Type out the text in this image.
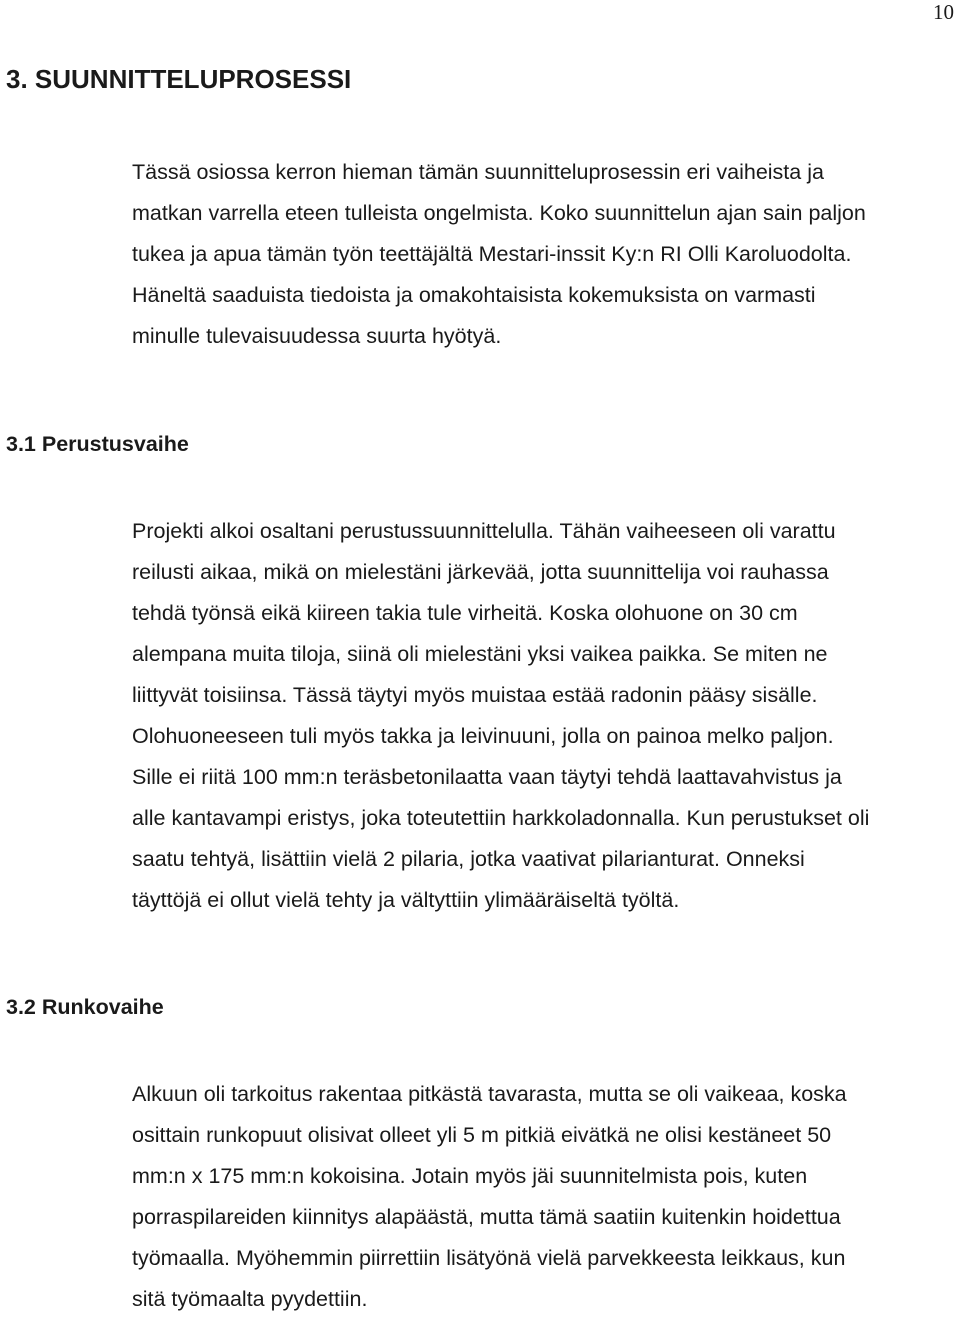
10
3. SUUNNITTELUPROSESSI
Tässä osiossa kerron hieman tämän suunnitteluprosessin eri vaiheista ja
matkan varrella eteen tulleista ongelmista. Koko suunnittelun ajan sain paljon
tukea ja apua tämän työn teettäjältä Mestari-inssit Ky:n RI Olli Karoluodolta.
Häneltä saaduista tiedoista ja omakohtaisista kokemuksista on varmasti
minulle tulevaisuudessa suurta hyötyä.
3.1 Perustusvaihe
Projekti alkoi osaltani perustussuunnittelulla. Tähän vaiheeseen oli varattu
reilusti aikaa, mikä on mielestäni järkevää, jotta suunnittelija voi rauhassa
tehdä työnsä eikä kiireen takia tule virheitä. Koska olohuone on 30 cm
alempana muita tiloja, siinä oli mielestäni yksi vaikea paikka. Se miten ne
liittyvät toisiinsa. Tässä täytyi myös muistaa estää radonin pääsy sisälle.
Olohuoneeseen tuli myös takka ja leivinuuni, jolla on painoa melko paljon.
Sille ei riitä 100 mm:n teräsbetonilaatta vaan täytyi tehdä laattavahvistus ja
alle kantavampi eristys, joka toteutettiin harkkoladonnalla. Kun perustukset oli
saatu tehtyä, lisättiin vielä 2 pilaria, jotka vaativat pilarianturat. Onneksi
täyttöjä ei ollut vielä tehty ja vältyttiin ylimääräiseltä työltä.
3.2 Runkovaihe
Alkuun oli tarkoitus rakentaa pitkästä tavarasta, mutta se oli vaikeaa, koska
osittain runkopuut olisivat olleet yli 5 m pitkiä eivätkä ne olisi kestäneet 50
mm:n x 175 mm:n kokoisina. Jotain myös jäi suunnitelmista pois, kuten
porraspilareiden kiinnitys alapäästä, mutta tämä saatiin kuitenkin hoidettua
työmaalla. Myöhemmin piirrettiin lisätyönä vielä parvekkeesta leikkaus, kun
sitä työmaalta pyydettiin.
